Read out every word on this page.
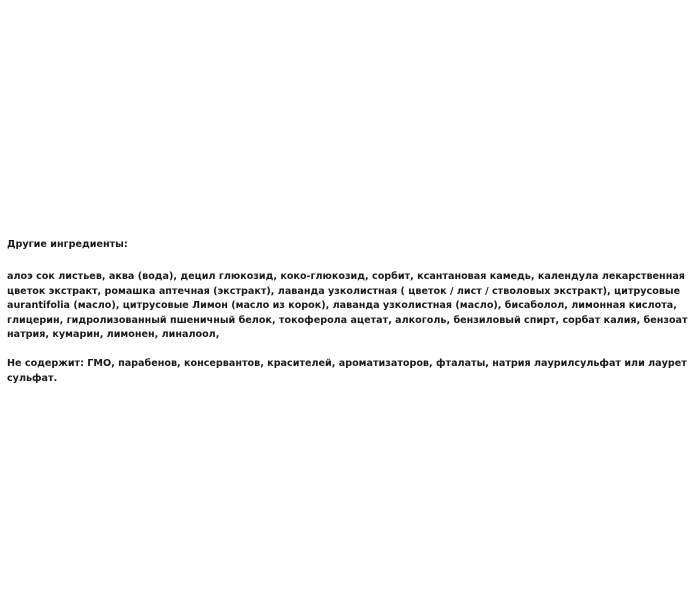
Другие ингредиенты:

алоэ сок листьев, аква (вода), децил глюкозид, коко-глюкозид, сорбит, ксантановая камедь, календула лекарственная
цветок экстракт, ромашка аптечная (экстракт), лаванда узколистная ( цветок / лист / стволовых экстракт), цитрусовые
aurantifolia (масло), цитрусовые Лимон (масло из корок), лаванда узколистная (масло), бисаболол, лимонная кислота,
глицерин, гидролизованный пшеничный белок, токоферола ацетат, алкоголь, бензиловый спирт, сорбат калия, бензоат
натрия, кумарин, лимонен, линалоол,
Не содержит: ГМО, парабенов, консервантов, красителей, ароматизаторов, фталаты, натрия лаурилсульфат или лаурет
сульфат.
